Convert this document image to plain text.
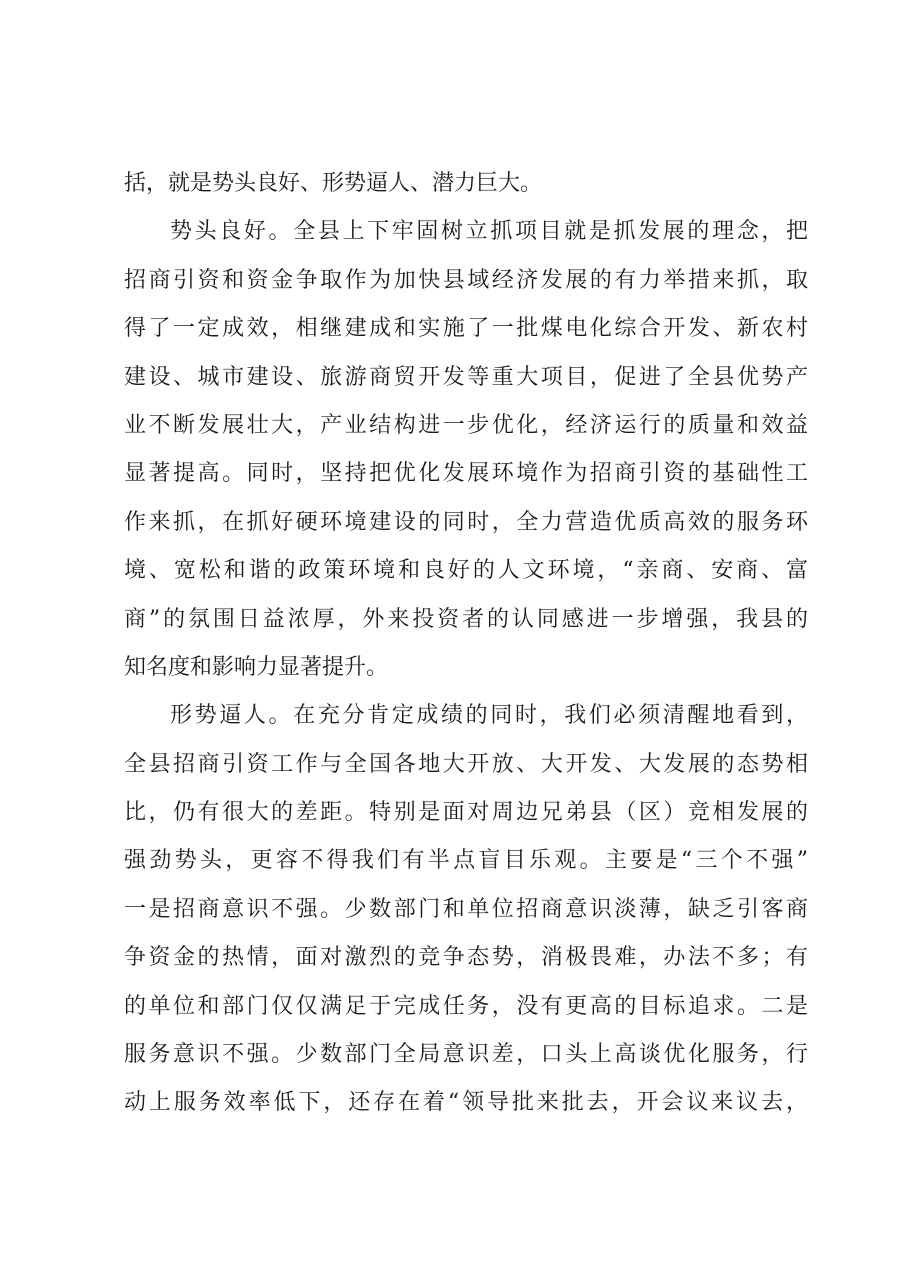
括，就是势头良好、形势逼人、潜力巨大。
势头良好。全县上下牢固树立抓项目就是抓发展的理念，把
招商引资和资金争取作为加快县域经济发展的有力举措来抓，取
得了一定成效，相继建成和实施了一批煤电化综合开发、新农村
建设、城市建设、旅游商贸开发等重大项目，促进了全县优势产
业不断发展壮大，产业结构进一步优化，经济运行的质量和效益
显著提高。同时，坚持把优化发展环境作为招商引资的基础性工
作来抓，在抓好硬环境建设的同时，全力营造优质高效的服务环
境、宽松和谐的政策环境和良好的人文环境，“亲商、安商、富
商”的氛围日益浓厚，外来投资者的认同感进一步增强，我县的
知名度和影响力显著提升。
形势逼人。在充分肯定成绩的同时，我们必须清醒地看到，
全县招商引资工作与全国各地大开放、大开发、大发展的态势相
比，仍有很大的差距。特别是面对周边兄弟县（区）竞相发展的
强劲势头，更容不得我们有半点盲目乐观。主要是“三个不强”
一是招商意识不强。少数部门和单位招商意识淡薄，缺乏引客商
争资金的热情，面对激烈的竞争态势，消极畏难，办法不多；有
的单位和部门仅仅满足于完成任务，没有更高的目标追求。二是
服务意识不强。少数部门全局意识差，口头上高谈优化服务，行
动上服务效率低下，还存在着“领导批来批去，开会议来议去，
